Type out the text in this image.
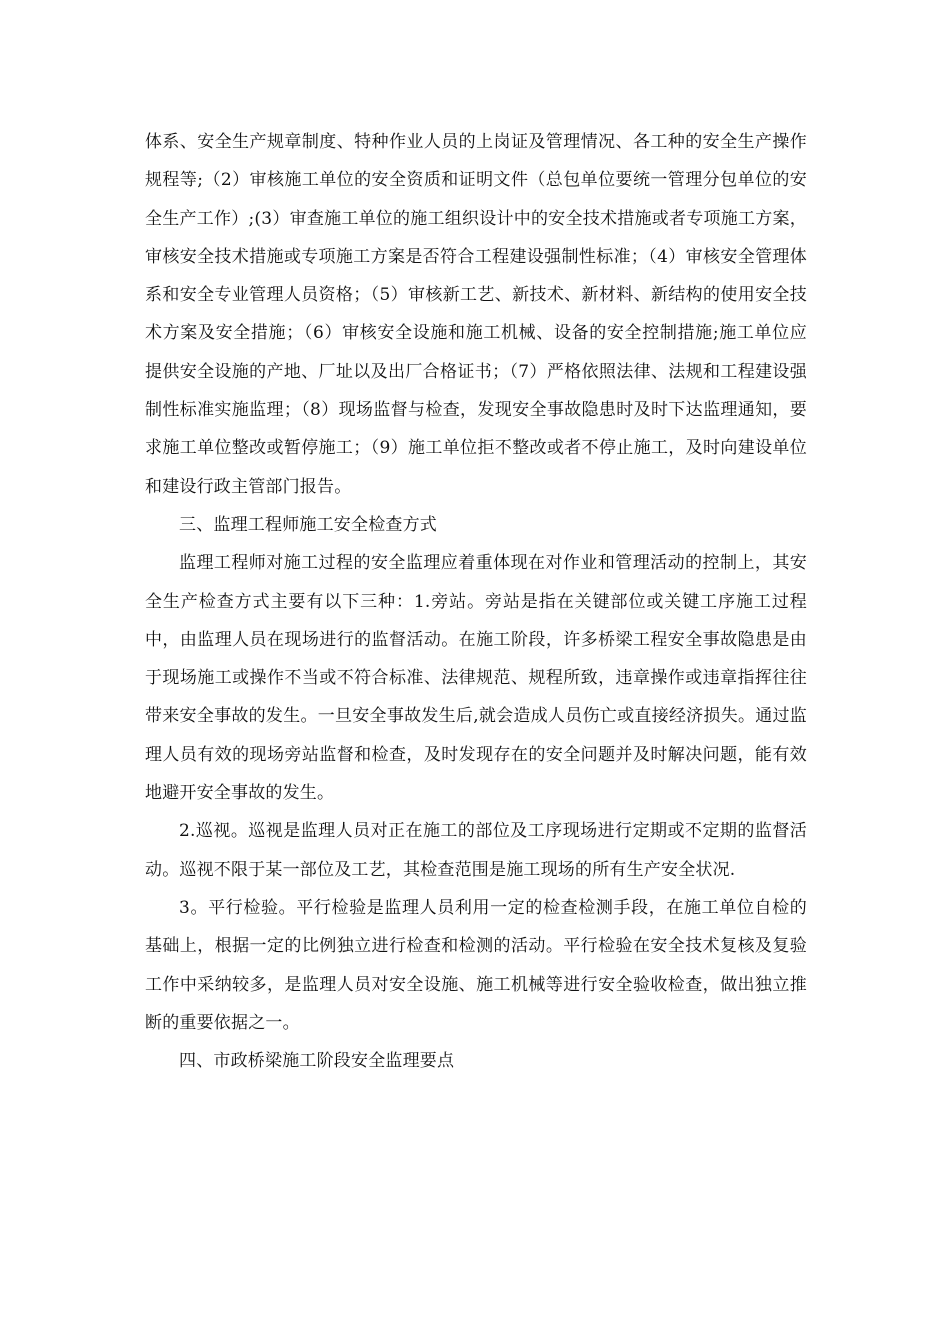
体系、安全生产规章制度、特种作业人员的上岗证及管理情况、各工种的安全生产操作规程等;（2）审核施工单位的安全资质和证明文件（总包单位要统一管理分包单位的安全生产工作）;(3）审查施工单位的施工组织设计中的安全技术措施或者专项施工方案，审核安全技术措施或专项施工方案是否符合工程建设强制性标准；（4）审核安全管理体系和安全专业管理人员资格；（5）审核新工艺、新技术、新材料、新结构的使用安全技术方案及安全措施；（6）审核安全设施和施工机械、设备的安全控制措施;施工单位应提供安全设施的产地、厂址以及出厂合格证书；（7）严格依照法律、法规和工程建设强制性标准实施监理；（8）现场监督与检查，发现安全事故隐患时及时下达监理通知，要求施工单位整改或暂停施工；（9）施工单位拒不整改或者不停止施工，及时向建设单位和建设行政主管部门报告。

三、监理工程师施工安全检查方式

监理工程师对施工过程的安全监理应着重体现在对作业和管理活动的控制上，其安全生产检查方式主要有以下三种：1.旁站。旁站是指在关键部位或关键工序施工过程中，由监理人员在现场进行的监督活动。在施工阶段，许多桥梁工程安全事故隐患是由于现场施工或操作不当或不符合标准、法律规范、规程所致，违章操作或违章指挥往往带来安全事故的发生。一旦安全事故发生后,就会造成人员伤亡或直接经济损失。通过监理人员有效的现场旁站监督和检查，及时发现存在的安全问题并及时解决问题，能有效地避开安全事故的发生。

2.巡视。巡视是监理人员对正在施工的部位及工序现场进行定期或不定期的监督活动。巡视不限于某一部位及工艺，其检查范围是施工现场的所有生产安全状况.

3。平行检验。平行检验是监理人员利用一定的检查检测手段，在施工单位自检的基础上，根据一定的比例独立进行检查和检测的活动。平行检验在安全技术复核及复验工作中采纳较多，是监理人员对安全设施、施工机械等进行安全验收检查，做出独立推断的重要依据之一。

四、市政桥梁施工阶段安全监理要点
